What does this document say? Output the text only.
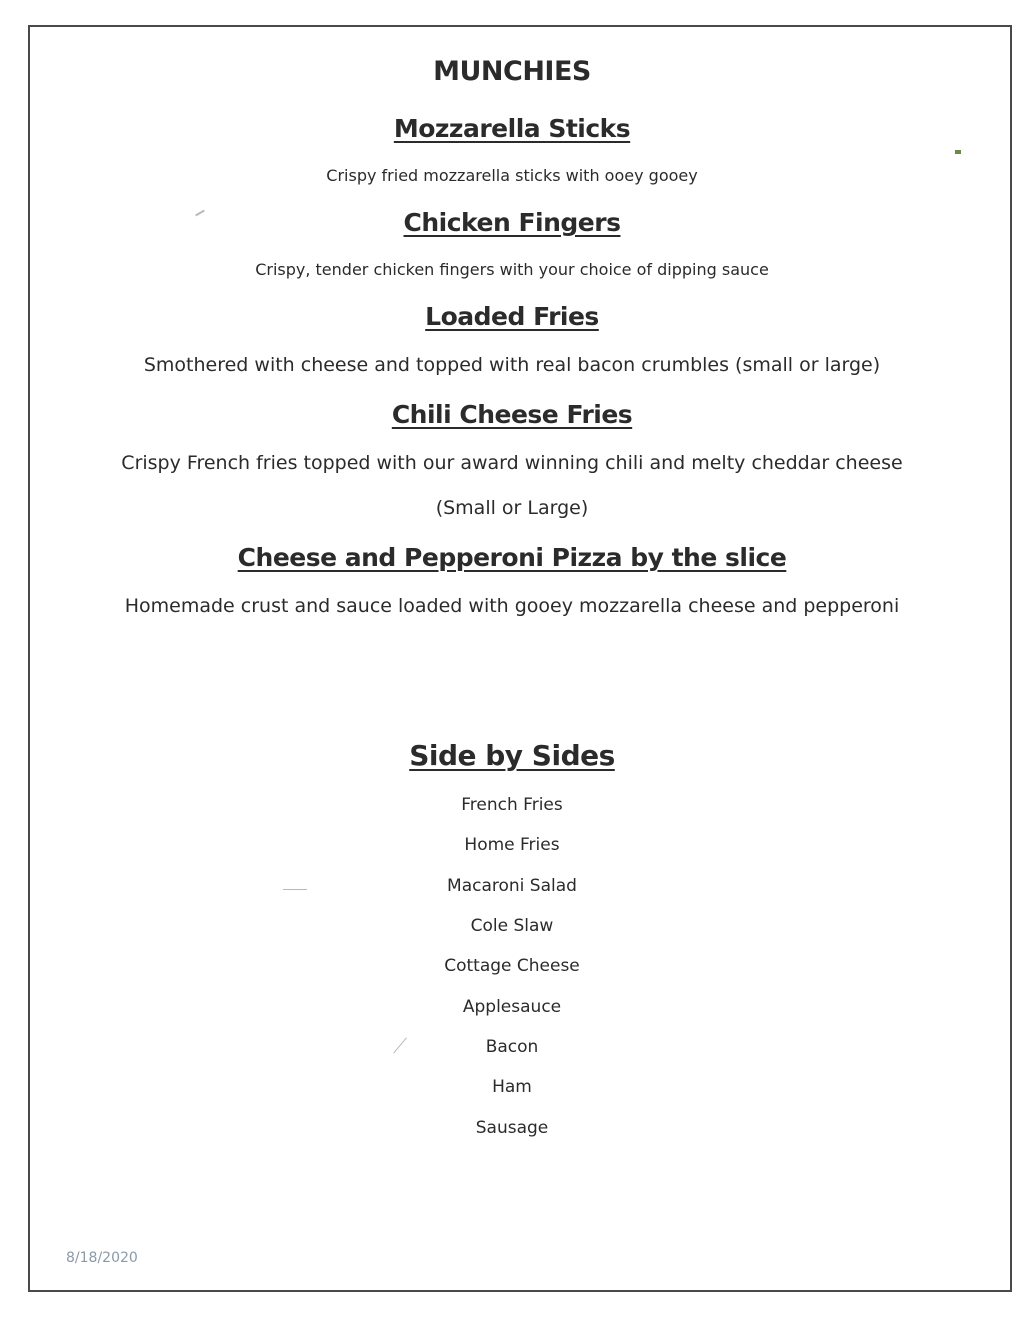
MUNCHIES
Mozzarella Sticks
Crispy fried mozzarella sticks with ooey gooey
Chicken Fingers
Crispy, tender chicken fingers with your choice of dipping sauce
Loaded Fries
Smothered with cheese and topped with real bacon crumbles (small or large)
Chili Cheese Fries
Crispy French fries topped with our award winning chili and melty cheddar cheese
(Small or Large)
Cheese and Pepperoni Pizza by the slice
Homemade crust and sauce loaded with gooey mozzarella cheese and pepperoni
Side by Sides
French Fries
Home Fries
Macaroni Salad
Cole Slaw
Cottage Cheese
Applesauce
Bacon
Ham
Sausage
8/18/2020
